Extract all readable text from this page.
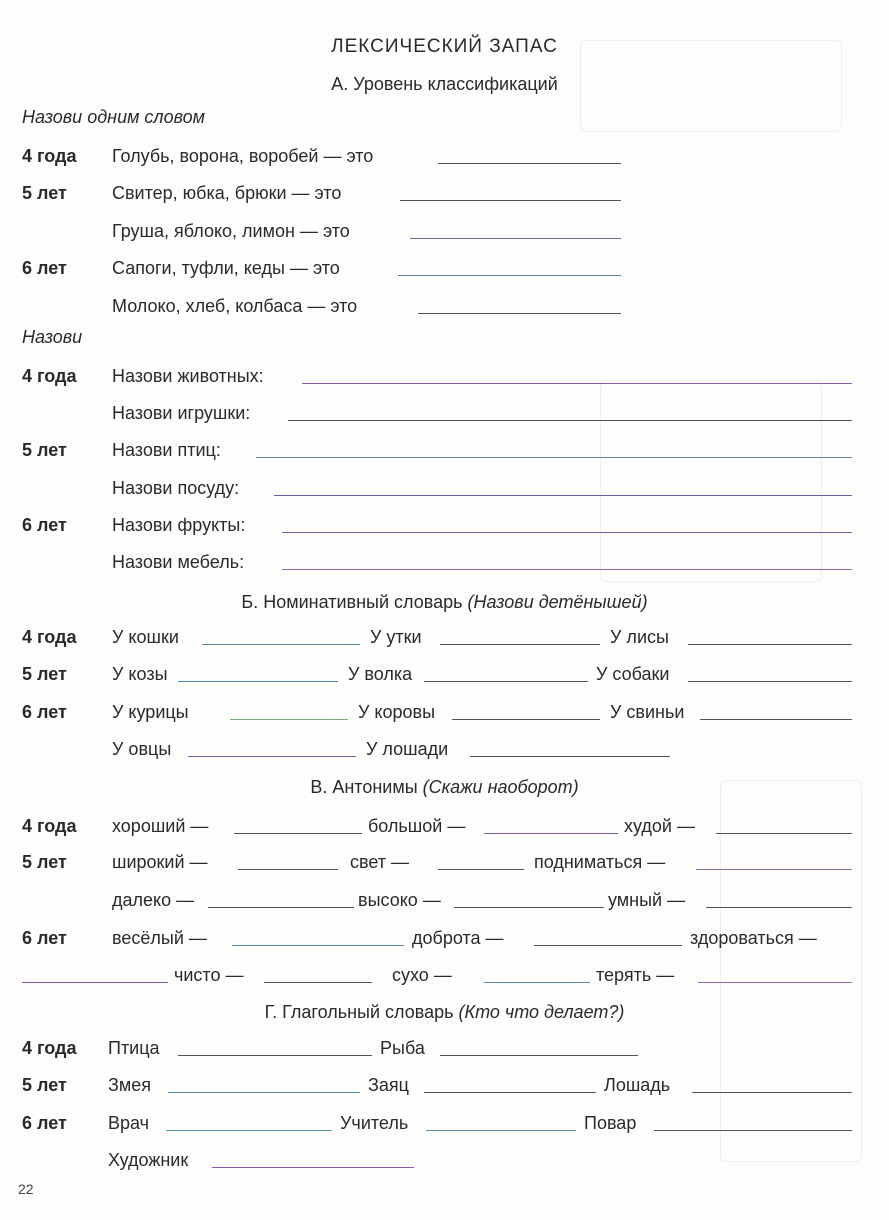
ЛЕКСИЧЕСКИЙ ЗАПАС
А. Уровень классификаций
Назови одним словом
4 года Голубь, ворона, воробей — это
5 лет	Свитер, юбка, брюки — это
Груша, яблоко, лимон — это
6 лет	Сапоги, туфли, кеды — это
Молоко, хлеб, колбаса — это
Назови
4 года Назови животных:
Назови игрушки:
5 лет	Назови птиц:
Назови посуду:
6 лет	Назови фрукты:
Назови мебель:
Б. Номинативный словарь (Назови детёнышей)
4 года У кошки	У утки	У лисы
5 лет	У козы	У волка	У собаки
6 лет	У курицы	У коровы	У свиньи
У овцы	У лошади
В. Антонимы (Скажи наоборот)
4 года хороший —	большой —	худой —
5 лет	широкий —	свет —	подниматься —
далеко —	высоко —	умный —
6 лет	весёлый —	доброта —	здороваться —
чисто —	сухо —	терять —
Г. Глагольный словарь (Кто что делает?)
4 года Птица	Рыба
5 лет Змея	Заяц	Лошадь
6 лет Врач	Учитель	Повар
Художник
22
